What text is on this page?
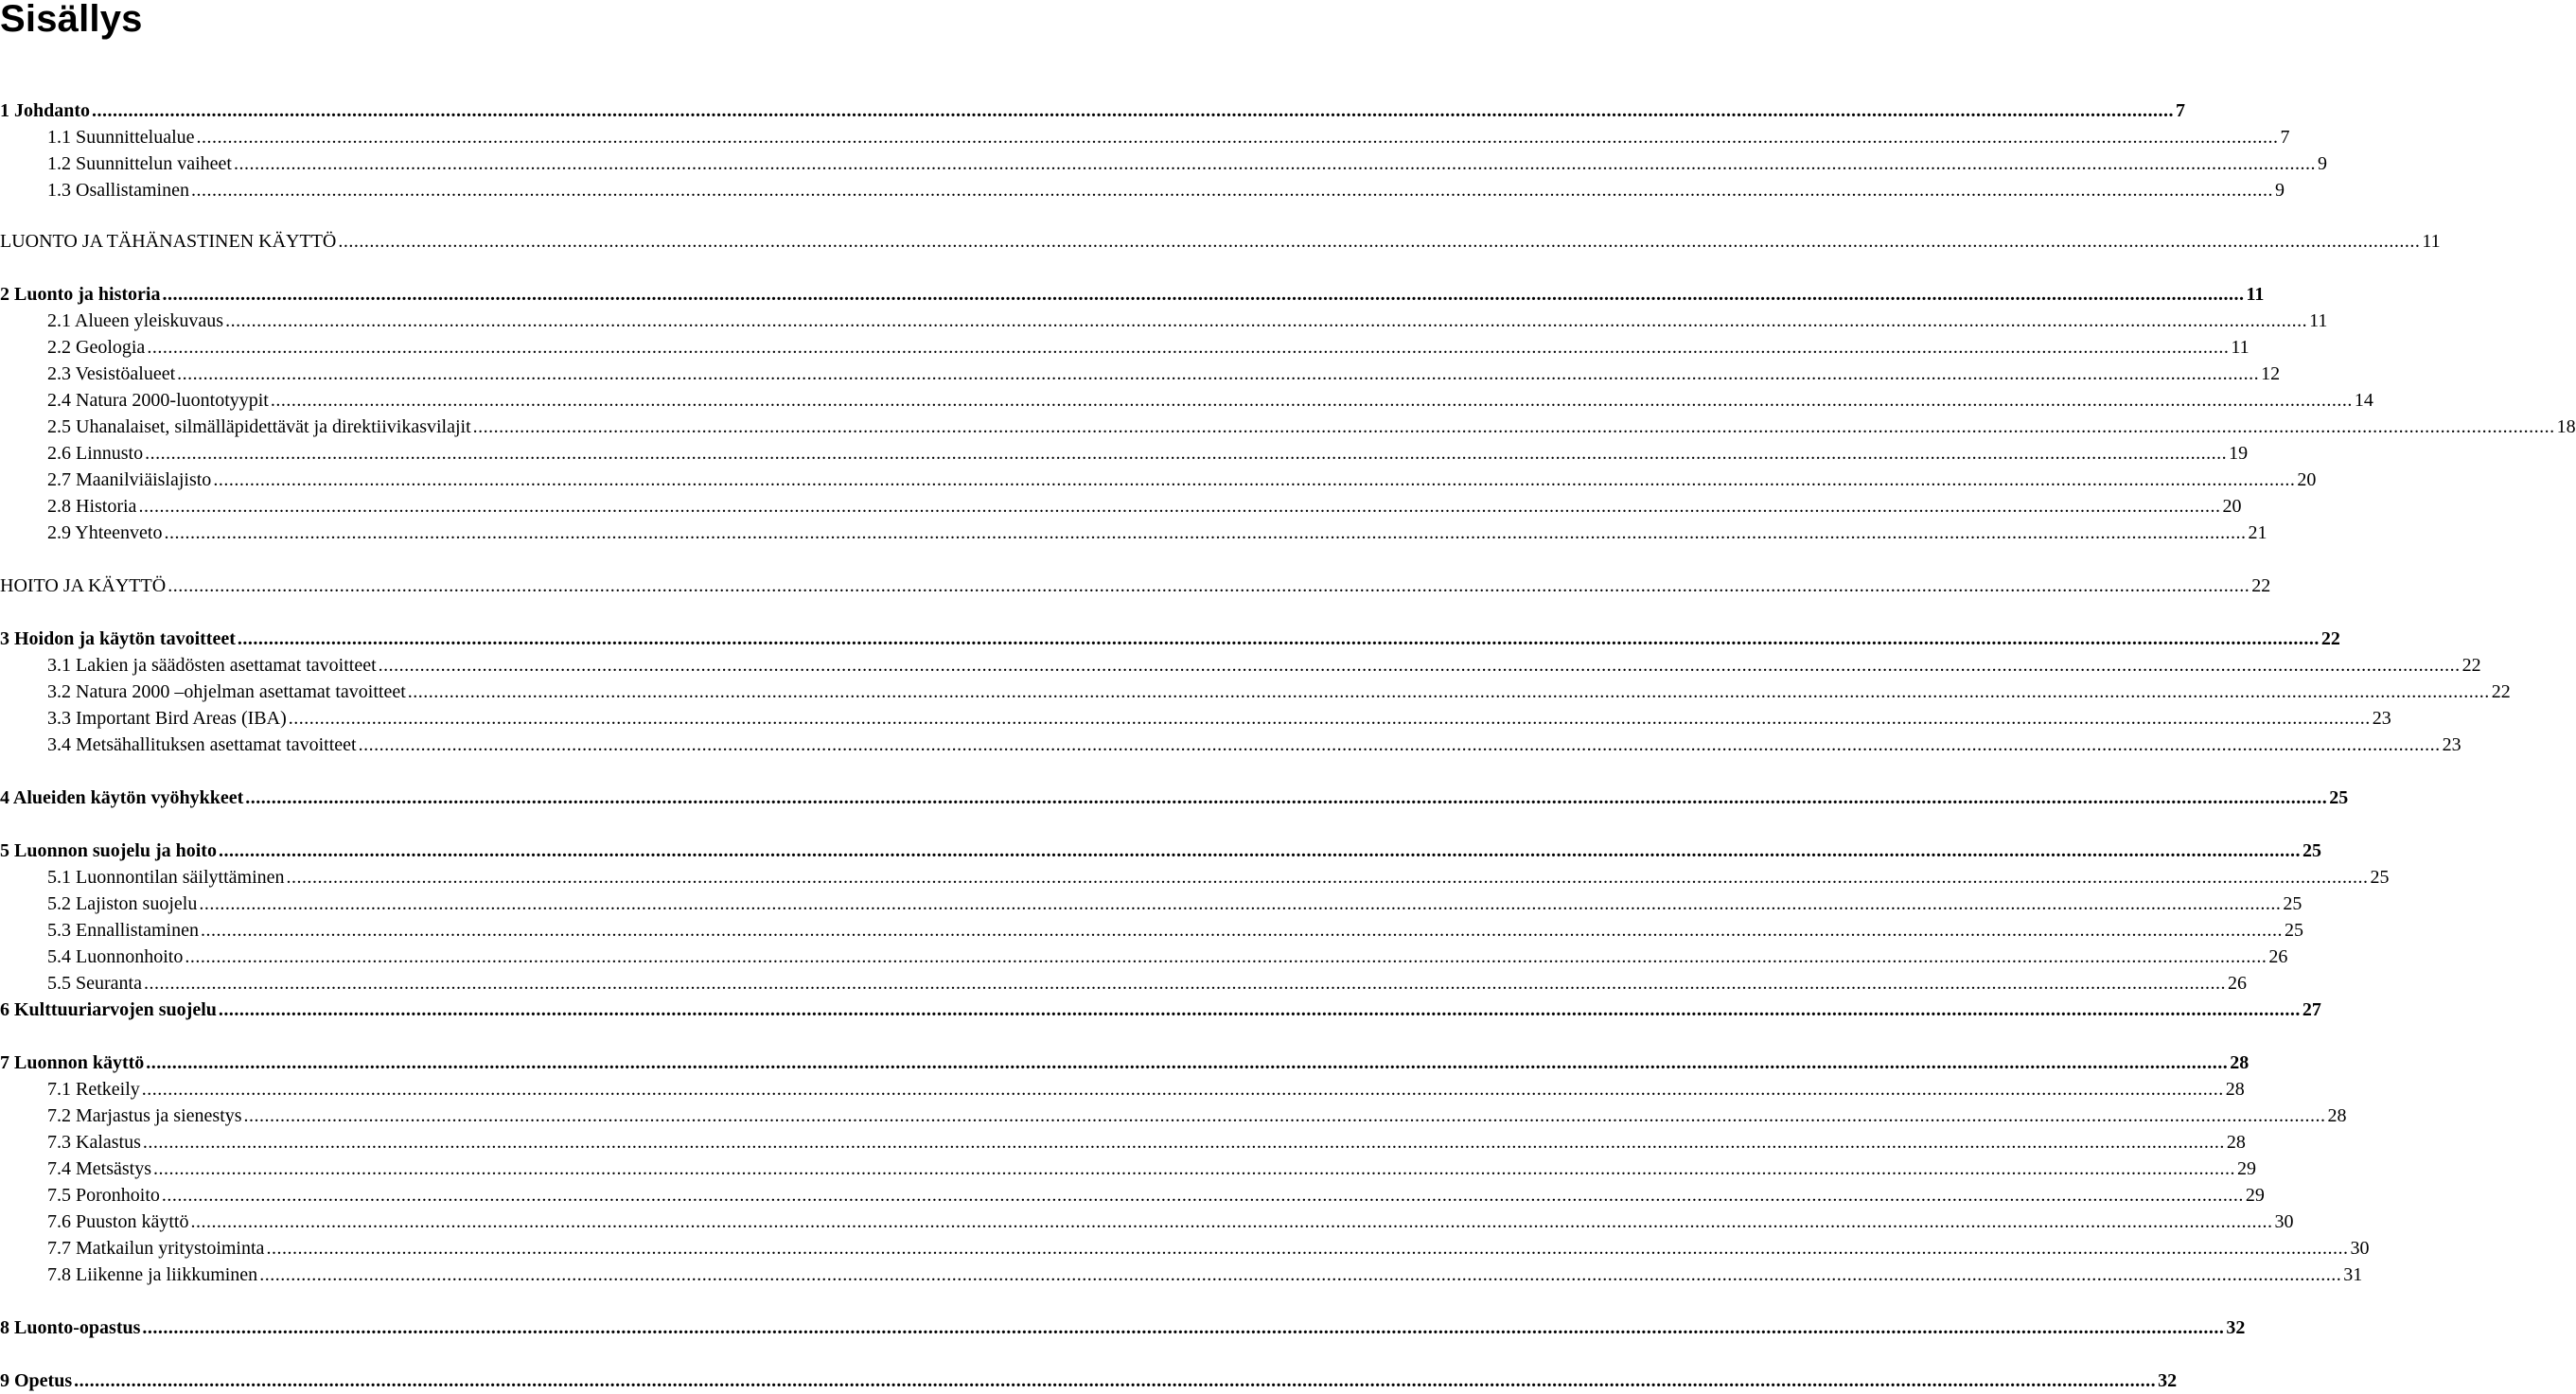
Sisällys
1 Johdanto ................................................................................................................................................................................................................................................................................................................................................................................................................ 7
1.1 Suunnittelualue ................................................................................................................................................................................................................................................................................................................................................................................................................ 7
1.2 Suunnittelun vaiheet ................................................................................................................................................................................................................................................................................................................................................................................................................ 9
1.3 Osallistaminen ................................................................................................................................................................................................................................................................................................................................................................................................................ 9
LUONTO JA TÄHÄNASTINEN KÄYTTÖ ................................................................................................................................................................................................................................................................................................................................................................................................................ 11
2 Luonto ja historia ................................................................................................................................................................................................................................................................................................................................................................................................................ 11
2.1 Alueen yleiskuvaus ................................................................................................................................................................................................................................................................................................................................................................................................................ 11
2.2 Geologia ................................................................................................................................................................................................................................................................................................................................................................................................................ 11
2.3 Vesistöalueet ................................................................................................................................................................................................................................................................................................................................................................................................................ 12
2.4 Natura 2000-luontotyypit ................................................................................................................................................................................................................................................................................................................................................................................................................ 14
2.5 Uhanalaiset, silmälläpidettävät ja direktiivikasvilajit ................................................................................................................................................................................................................................................................................................................................................................................................................ 18
2.6 Linnusto ................................................................................................................................................................................................................................................................................................................................................................................................................ 19
2.7 Maanilviäislajisto ................................................................................................................................................................................................................................................................................................................................................................................................................ 20
2.8 Historia ................................................................................................................................................................................................................................................................................................................................................................................................................ 20
2.9 Yhteenveto ................................................................................................................................................................................................................................................................................................................................................................................................................ 21
HOITO JA KÄYTTÖ ................................................................................................................................................................................................................................................................................................................................................................................................................ 22
3 Hoidon ja käytön tavoitteet ................................................................................................................................................................................................................................................................................................................................................................................................................ 22
3.1 Lakien ja säädösten asettamat tavoitteet ................................................................................................................................................................................................................................................................................................................................................................................................................ 22
3.2 Natura 2000 –ohjelman asettamat tavoitteet ................................................................................................................................................................................................................................................................................................................................................................................................................ 22
3.3 Important Bird Areas (IBA) ................................................................................................................................................................................................................................................................................................................................................................................................................ 23
3.4 Metsähallituksen asettamat tavoitteet ................................................................................................................................................................................................................................................................................................................................................................................................................ 23
4 Alueiden käytön vyöhykkeet ................................................................................................................................................................................................................................................................................................................................................................................................................ 25
5 Luonnon suojelu ja hoito ................................................................................................................................................................................................................................................................................................................................................................................................................ 25
5.1 Luonnontilan säilyttäminen ................................................................................................................................................................................................................................................................................................................................................................................................................ 25
5.2 Lajiston suojelu ................................................................................................................................................................................................................................................................................................................................................................................................................ 25
5.3 Ennallistaminen ................................................................................................................................................................................................................................................................................................................................................................................................................ 25
5.4 Luonnonhoito ................................................................................................................................................................................................................................................................................................................................................................................................................ 26
5.5 Seuranta ................................................................................................................................................................................................................................................................................................................................................................................................................ 26
6 Kulttuuriarvojen suojelu ................................................................................................................................................................................................................................................................................................................................................................................................................ 27
7 Luonnon käyttö ................................................................................................................................................................................................................................................................................................................................................................................................................ 28
7.1 Retkeily ................................................................................................................................................................................................................................................................................................................................................................................................................ 28
7.2 Marjastus ja sienestys ................................................................................................................................................................................................................................................................................................................................................................................................................ 28
7.3 Kalastus ................................................................................................................................................................................................................................................................................................................................................................................................................ 28
7.4 Metsästys ................................................................................................................................................................................................................................................................................................................................................................................................................ 29
7.5 Poronhoito ................................................................................................................................................................................................................................................................................................................................................................................................................ 29
7.6 Puuston käyttö ................................................................................................................................................................................................................................................................................................................................................................................................................ 30
7.7 Matkailun yritystoiminta ................................................................................................................................................................................................................................................................................................................................................................................................................ 30
7.8 Liikenne ja liikkuminen ................................................................................................................................................................................................................................................................................................................................................................................................................ 31
8 Luonto-opastus ................................................................................................................................................................................................................................................................................................................................................................................................................ 32
9 Opetus ................................................................................................................................................................................................................................................................................................................................................................................................................ 32
